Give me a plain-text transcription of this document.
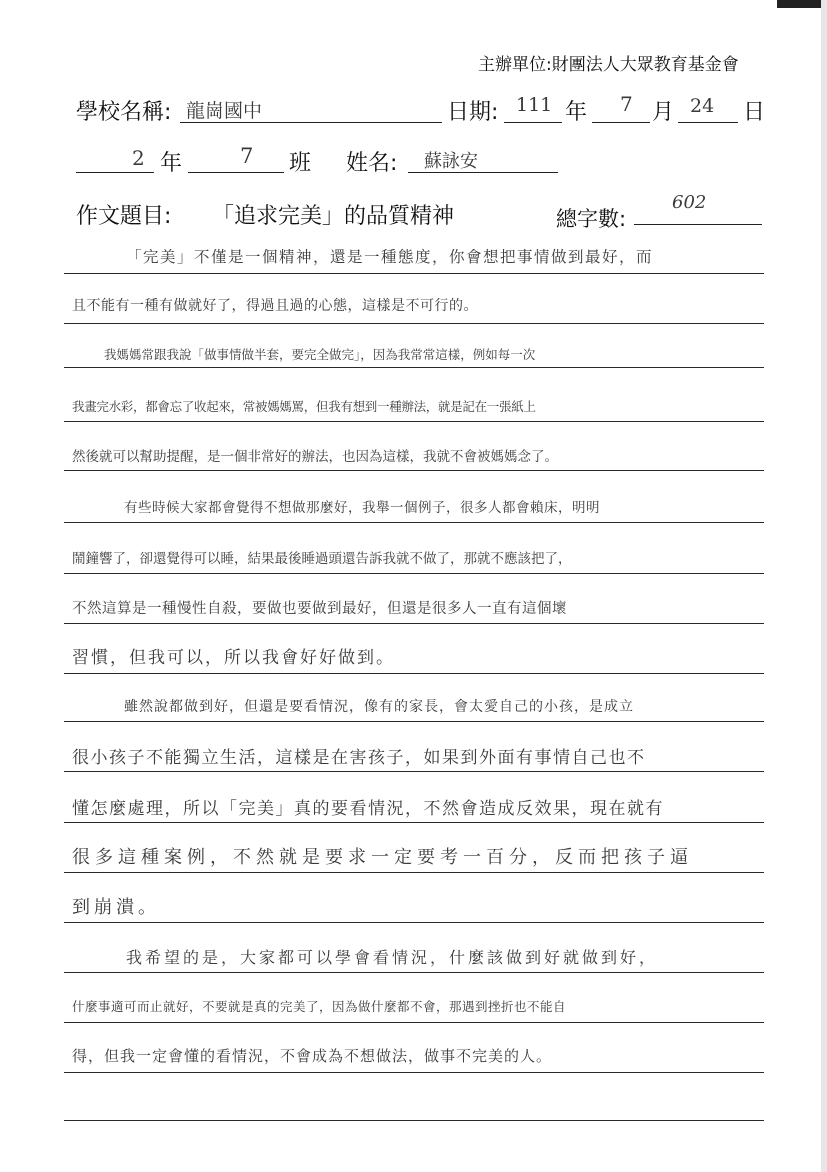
主辦單位:財團法人大眾教育基金會
學校名稱: 龍崗國中	日期: 111 年 7 月 24 日
2 年	7 班 姓名: 蘇詠安
作文題目: 「追求完美」的品質精神	總字數:
602
「完美」不僅是一個精神，還是一種態度，你會想把事情做到最好，而
且不能有一種有做就好了，得過且過的心態，這樣是不可行的。
我媽媽常跟我說「做事情做半套，要完全做完」，因為我常常這樣，例如每一次
我畫完水彩，都會忘了收起來，常被媽媽罵，但我有想到一種辦法，就是記在一張紙上
然後就可以幫助提醒，是一個非常好的辦法，也因為這樣，我就不會被媽媽念了。
有些時候大家都會覺得不想做那麼好，我舉一個例子，很多人都會賴床，明明
鬧鐘響了，卻還覺得可以睡，結果最後睡過頭還告訴我就不做了，那就不應該把了，
不然這算是一種慢性自殺，要做也要做到最好，但還是很多人一直有這個壞
習慣，但我可以，所以我會好好做到。
雖然說都做到好，但還是要看情況，像有的家長，會太愛自己的小孩，是成立
很小孩子不能獨立生活，這樣是在害孩子，如果到外面有事情自己也不
懂怎麼處理，所以「完美」真的要看情況，不然會造成反效果，現在就有
很多這種案例，不然就是要求一定要考一百分，反而把孩子逼
到崩潰。
我希望的是，大家都可以學會看情況，什麼該做到好就做到好，
什麼事適可而止就好，不要就是真的完美了，因為做什麼都不會，那遇到挫折也不能自
得，但我一定會懂的看情況，不會成為不想做法，做事不完美的人。
